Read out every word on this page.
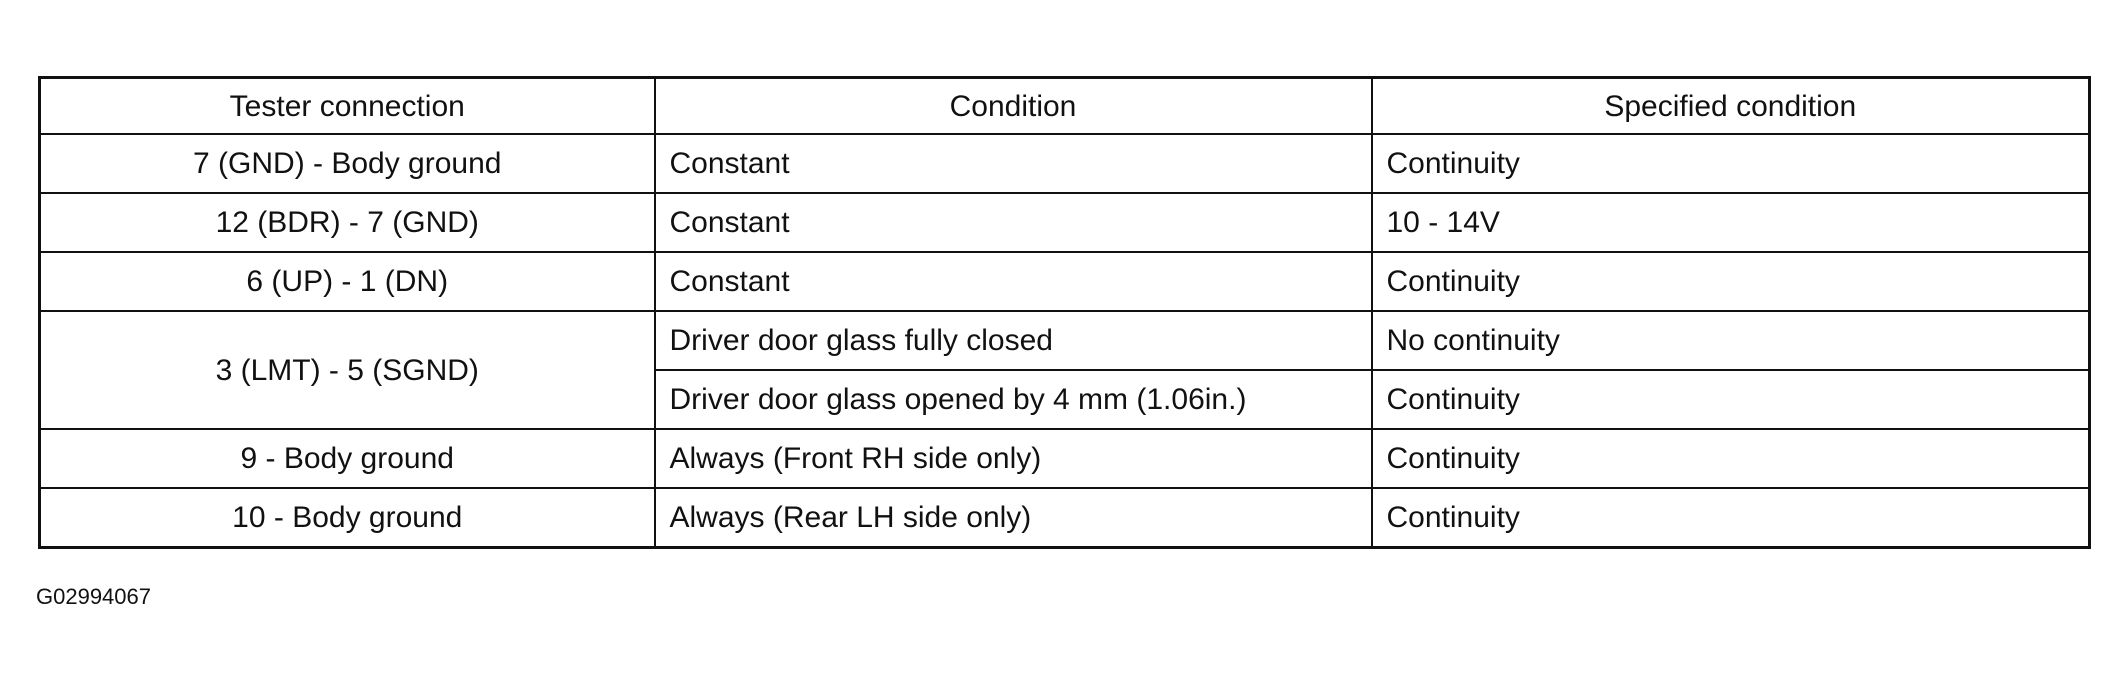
Tester connection	Condition	Specified condition
7 (GND) - Body ground	Constant	Continuity
12 (BDR) - 7 (GND)	Constant	10 - 14V
6 (UP) - 1 (DN)	Constant	Continuity
3 (LMT) - 5 (SGND)	Driver door glass fully closed	No continuity
	Driver door glass opened by 4 mm (1.06in.)	Continuity
9 - Body ground	Always (Front RH side only)	Continuity
10 - Body ground	Always (Rear LH side only)	Continuity
G02994067
